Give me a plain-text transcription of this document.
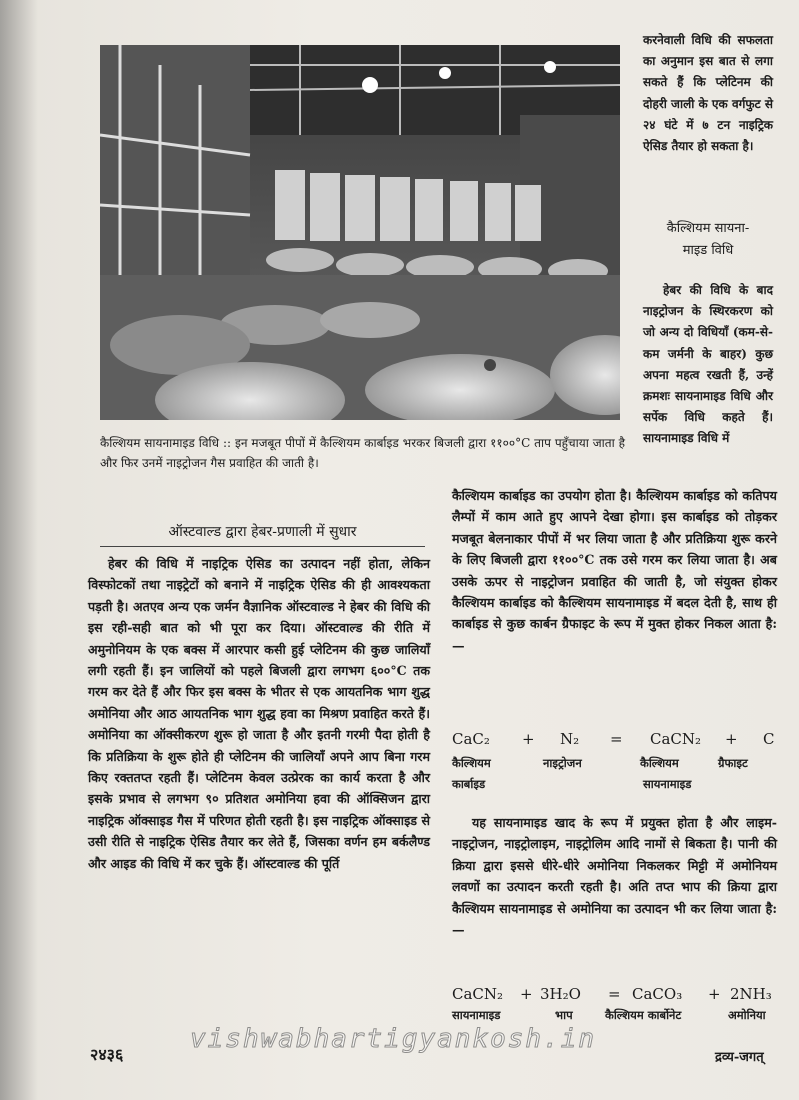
कैल्शियम सायनामाइड विधि :: इन मजबूत पीपों में कैल्शियम कार्बाइड भरकर बिजली द्वारा ११००°C ताप पहुँचाया जाता है और फिर उनमें नाइट्रोजन गैस प्रवाहित की जाती है।

करनेवाली विधि की सफलता का अनुमान इस बात से लगा सकते हैं कि प्लेटिनम की दोहरी जाली के एक वर्गफुट से २४ घंटे में ७ टन नाइट्रिक ऐसिड तैयार हो सकता है।

कैल्शियम सायना-
माइड विधि

हेबर की विधि के बाद नाइट्रोजन के स्थिरकरण को जो अन्य दो विधियाँ (कम-से-कम जर्मनी के बाहर) कुछ अपना महत्व रखती हैं, उन्हें क्रमशः सायनामाइड विधि और सर्पेक विधि कहते हैं। सायनामाइड विधि में

ऑस्टवाल्ड द्वारा हेबर-प्रणाली में सुधार

हेबर की विधि में नाइट्रिक ऐसिड का उत्पादन नहीं होता, लेकिन विस्फोटकों तथा नाइट्रेटों को बनाने में नाइट्रिक ऐसिड की ही आवश्यकता पड़ती है। अतएव अन्य एक जर्मन वैज्ञानिक ऑस्टवाल्ड ने हेबर की विधि की इस रही-सही बात को भी पूरा कर दिया। ऑस्टवाल्ड की रीति में अमुनोनियम के एक बक्स में आरपार कसी हुई प्लेटिनम की कुछ जालियाँ लगी रहती हैं। इन जालियों को पहले बिजली द्वारा लगभग ६००°C तक गरम कर देते हैं और फिर इस बक्स के भीतर से एक आयतनिक भाग शुद्ध अमोनिया और आठ आयतनिक भाग शुद्ध हवा का मिश्रण प्रवाहित करते हैं। अमोनिया का ऑक्सीकरण शुरू हो जाता है और इतनी गरमी पैदा होती है कि प्रतिक्रिया के शुरू होते ही प्लेटिनम की जालियाँ अपने आप बिना गरम किए रक्ततप्त रहती हैं। प्लेटिनम केवल उत्प्रेरक का कार्य करता है और इसके प्रभाव से लगभग ९० प्रतिशत अमोनिया हवा की ऑक्सिजन द्वारा नाइट्रिक ऑक्साइड गैस में परिणत होती रहती है। इस नाइट्रिक ऑक्साइड से उसी रीति से नाइट्रिक ऐसिड तैयार कर लेते हैं, जिसका वर्णन हम बर्कलैण्ड और आइड की विधि में कर चुके हैं। ऑस्टवाल्ड की पूर्ति

कैल्शियम कार्बाइड का उपयोग होता है। कैल्शियम कार्बाइड को कतिपय लैम्पों में काम आते हुए आपने देखा होगा। इस कार्बाइड को तोड़कर मजबूत बेलनाकार पीपों में भर लिया जाता है और प्रतिक्रिया शुरू करने के लिए बिजली द्वारा ११००°C तक उसे गरम कर लिया जाता है। अब उसके ऊपर से नाइट्रोजन प्रवाहित की जाती है, जो संयुक्त होकर कैल्शियम कार्बाइड को कैल्शियम सायनामाइड में बदल देती है, साथ ही कार्बाइड से कुछ कार्बन ग्रैफाइट के रूप में मुक्त होकर निकल आता है:—

CaC₂ + N₂ = CaCN₂ + C
कैल्शियम	नाइट्रोजन	कैल्शियम	ग्रैफाइट
कार्बाइड	सायनामाइड

यह सायनामाइड खाद के रूप में प्रयुक्त होता है और लाइम-नाइट्रोजन, नाइट्रोलाइम, नाइट्रोलिम आदि नामों से बिकता है। पानी की क्रिया द्वारा इससे धीरे-धीरे अमोनिया निकलकर मिट्टी में अमोनियम लवणों का उत्पादन करती रहती है। अति तप्त भाप की क्रिया द्वारा कैल्शियम सायनामाइड से अमोनिया का उत्पादन भी कर लिया जाता है:—

CaCN₂ + 3H₂O = CaCO₃ + 2NH₃
सायनामाइड	भाप	कैल्शियम कार्बोनेट	अमोनिया
२४३६
vishwabhartigyankosh.in
द्रव्य-जगत्
